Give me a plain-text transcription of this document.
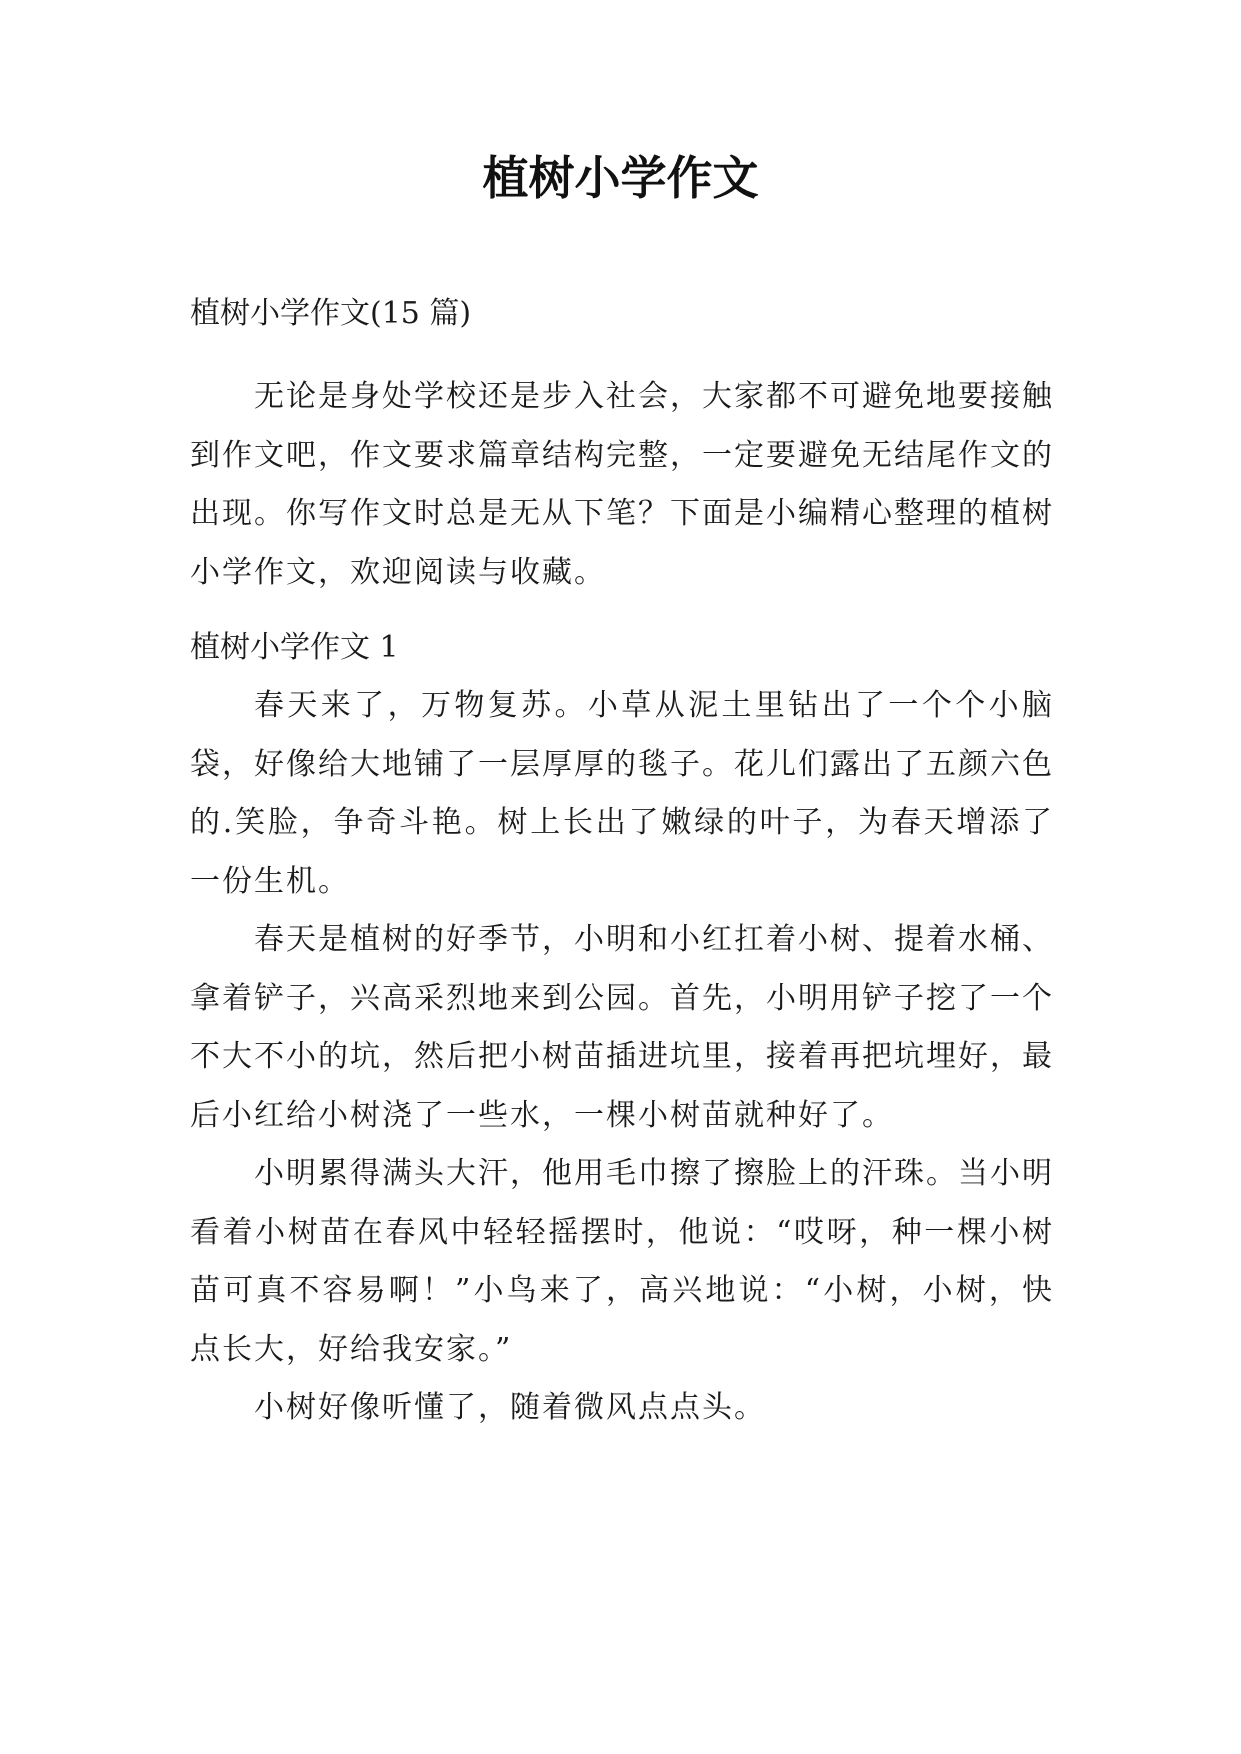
植树小学作文
植树小学作文(15 篇)

无论是身处学校还是步入社会，大家都不可避免地要接触到作文吧，作文要求篇章结构完整，一定要避免无结尾作文的出现。你写作文时总是无从下笔？下面是小编精心整理的植树小学作文，欢迎阅读与收藏。

植树小学作文 1

春天来了，万物复苏。小草从泥土里钻出了一个个小脑袋，好像给大地铺了一层厚厚的毯子。花儿们露出了五颜六色的.笑脸，争奇斗艳。树上长出了嫩绿的叶子，为春天增添了一份生机。

春天是植树的好季节，小明和小红扛着小树、提着水桶、拿着铲子，兴高采烈地来到公园。首先，小明用铲子挖了一个不大不小的坑，然后把小树苗插进坑里，接着再把坑埋好，最后小红给小树浇了一些水，一棵小树苗就种好了。

小明累得满头大汗，他用毛巾擦了擦脸上的汗珠。当小明看着小树苗在春风中轻轻摇摆时，他说：“哎呀，种一棵小树苗可真不容易啊！”小鸟来了，高兴地说：“小树，小树，快点长大，好给我安家。”

小树好像听懂了，随着微风点点头。
